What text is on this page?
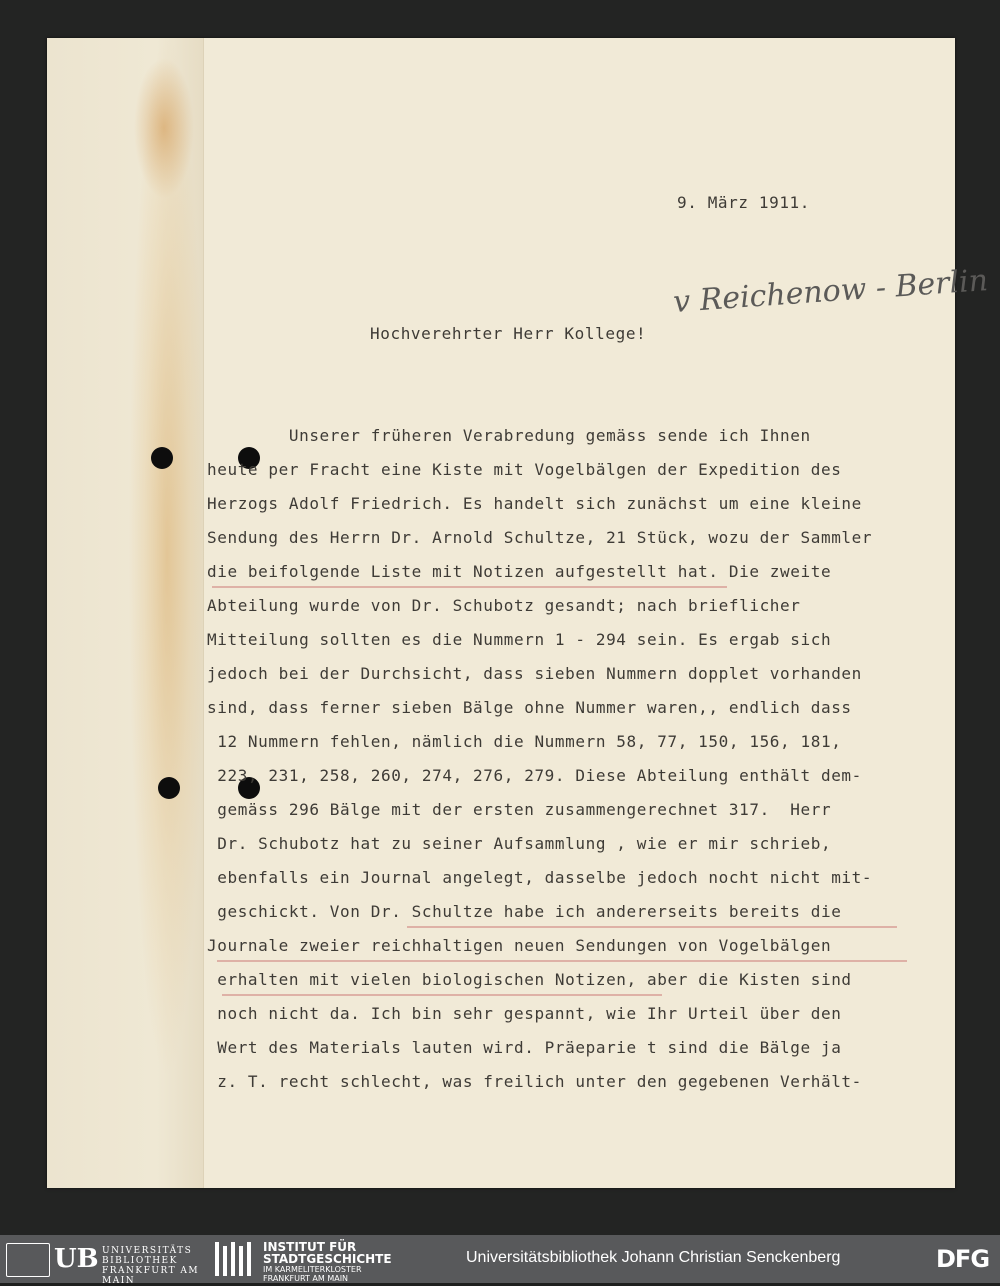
9. März 1911.
Hochverehrter Herr Kollege!
v Reichenow - Berlin
Unserer früheren Verabredung gemäss sende ich Ihnen
heute per Fracht eine Kiste mit Vogelbälgen der Expedition des
Herzogs Adolf Friedrich. Es handelt sich zunächst um eine kleine
Sendung des Herrn Dr. Arnold Schultze, 21 Stück, wozu der Sammler
die beifolgende Liste mit Notizen aufgestellt hat. Die zweite
Abteilung wurde von Dr. Schubotz gesandt; nach brieflicher
Mitteilung sollten es die Nummern 1 - 294 sein. Es ergab sich
jedoch bei der Durchsicht, dass sieben Nummern dopplet vorhanden
sind, dass ferner sieben Bälge ohne Nummer waren,, endlich dass
12 Nummern fehlen, nämlich die Nummern 58, 77, 150, 156, 181,
223, 231, 258, 260, 274, 276, 279. Diese Abteilung enthält dem-
gemäss 296 Bälge mit der ersten zusammengerechnet 317.  Herr
Dr. Schubotz hat zu seiner Aufsammlung , wie er mir schrieb,
ebenfalls ein Journal angelegt, dasselbe jedoch nocht nicht mit-
geschickt. Von Dr. Schultze habe ich andererseits bereits die
Journale zweier reichhaltigen neuen Sendungen von Vogelbälgen
erhalten mit vielen biologischen Notizen, aber die Kisten sind
noch nicht da. Ich bin sehr gespannt, wie Ihr Urteil über den
Wert des Materials lauten wird. Präeparie t sind die Bälge ja
z. T. recht schlecht, was freilich unter den gegebenen Verhält-
UB UNIVERSITÄTS
BIBLIOTHEK
FRANKFURT AM MAIN
INSTITUT FÜR
STADTGESCHICHTE
IM KARMELITERKLOSTER
FRANKFURT AM MAIN
Universitätsbibliothek Johann Christian Senckenberg	DFG
